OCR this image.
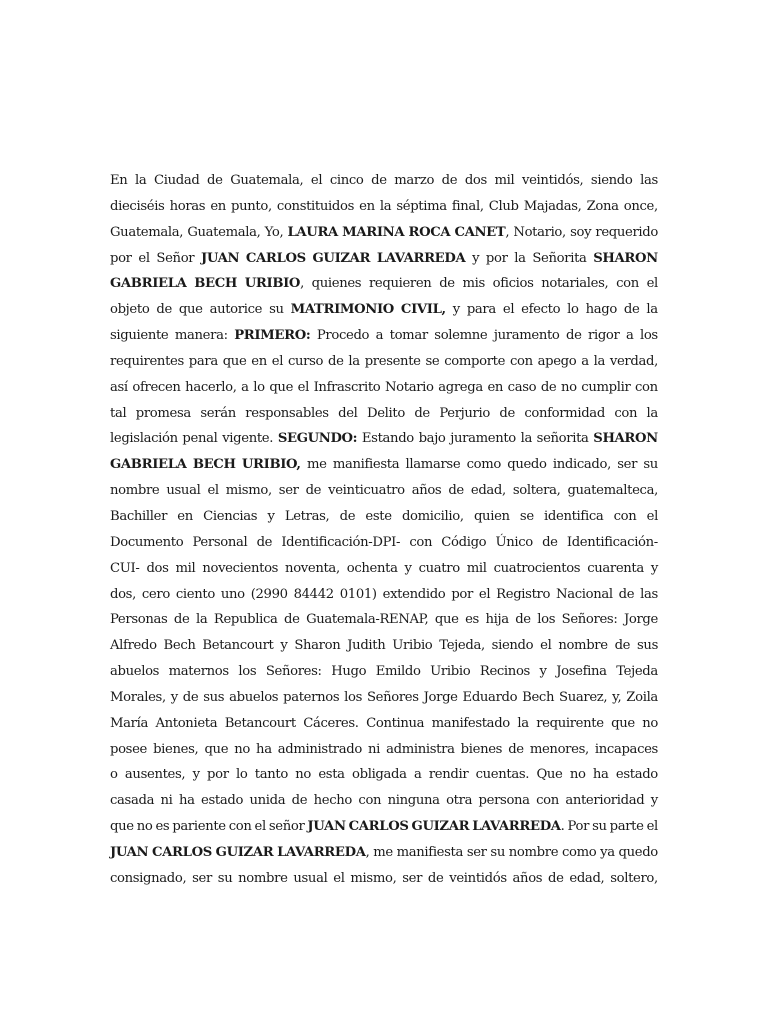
En la Ciudad de Guatemala, el cinco de marzo de dos mil veintidós, siendo las
dieciséis horas en punto, constituidos en la séptima final, Club Majadas, Zona once,
Guatemala, Guatemala, Yo, LAURA MARINA ROCA CANET, Notario, soy requerido
por el Señor JUAN CARLOS GUIZAR LAVARREDA y por la Señorita SHARON
GABRIELA BECH URIBIO, quienes requieren de mis oficios notariales, con el
objeto de que autorice su MATRIMONIO CIVIL, y para el efecto lo hago de la
siguiente manera: PRIMERO: Procedo a tomar solemne juramento de rigor a los
requirentes para que en el curso de la presente se comporte con apego a la verdad,
así ofrecen hacerlo, a lo que el Infrascrito Notario agrega en caso de no cumplir con
tal promesa serán responsables del Delito de Perjurio de conformidad con la
legislación penal vigente. SEGUNDO: Estando bajo juramento la señorita SHARON
GABRIELA BECH URIBIO, me manifiesta llamarse como quedo indicado, ser su
nombre usual el mismo, ser de veinticuatro años de edad, soltera, guatemalteca,
Bachiller en Ciencias y Letras, de este domicilio, quien se identifica con el
Documento Personal de Identificación-DPI- con Código Único de Identificación-
CUI- dos mil novecientos noventa, ochenta y cuatro mil cuatrocientos cuarenta y
dos, cero ciento uno (2990 84442 0101) extendido por el Registro Nacional de las
Personas de la Republica de Guatemala-RENAP, que es hija de los Señores: Jorge
Alfredo Bech Betancourt y Sharon Judith Uribio Tejeda, siendo el nombre de sus
abuelos maternos los Señores: Hugo Emildo Uribio Recinos y Josefina Tejeda
Morales, y de sus abuelos paternos los Señores Jorge Eduardo Bech Suarez, y, Zoila
María Antonieta Betancourt Cáceres. Continua manifestado la requirente que no
posee bienes, que no ha administrado ni administra bienes de menores, incapaces
o ausentes, y por lo tanto no esta obligada a rendir cuentas. Que no ha estado
casada ni ha estado unida de hecho con ninguna otra persona con anterioridad y
que no es pariente con el señor JUAN CARLOS GUIZAR LAVARREDA. Por su parte el
JUAN CARLOS GUIZAR LAVARREDA, me manifiesta ser su nombre como ya quedo
consignado, ser su nombre usual el mismo, ser de veintidós años de edad, soltero,
